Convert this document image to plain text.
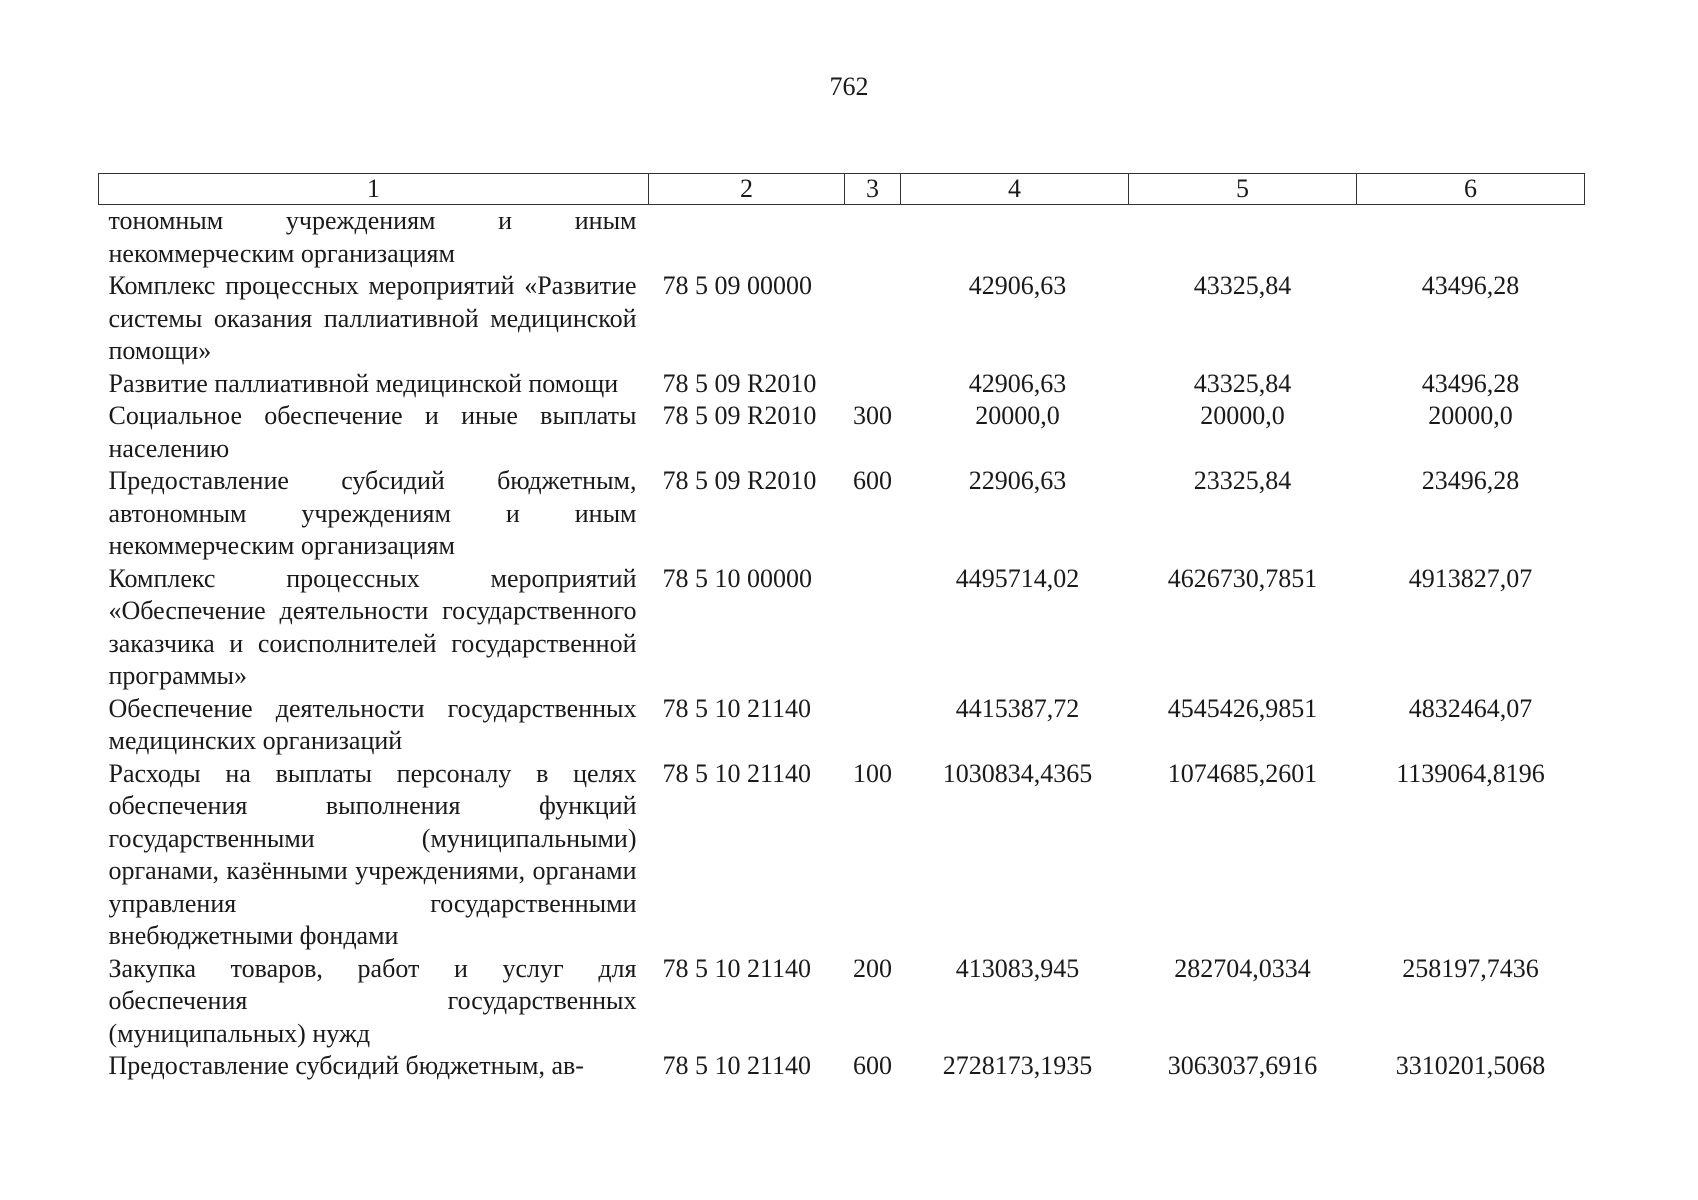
762
1	2	3	4	5	6
тономным учреждениям и иным некоммерческим организациям					
Комплекс процессных мероприятий «Развитие системы оказания паллиативной медицинской помощи»	78 5 09 00000		42906,63	43325,84	43496,28
Развитие паллиативной медицинской помощи	78 5 09 R2010		42906,63	43325,84	43496,28
Социальное обеспечение и иные выплаты населению	78 5 09 R2010	300	20000,0	20000,0	20000,0
Предоставление субсидий бюджетным, автономным учреждениям и иным некоммерческим организациям	78 5 09 R2010	600	22906,63	23325,84	23496,28
Комплекс процессных мероприятий «Обеспечение деятельности государственного заказчика и соисполнителей государственной программы»	78 5 10 00000		4495714,02	4626730,7851	4913827,07
Обеспечение деятельности государственных медицинских организаций	78 5 10 21140		4415387,72	4545426,9851	4832464,07
Расходы на выплаты персоналу в целях обеспечения выполнения функций государственными (муниципальными) органами, казёнными учреждениями, органами управления государственными внебюджетными фондами	78 5 10 21140	100	1030834,4365	1074685,2601	1139064,8196
Закупка товаров, работ и услуг для обеспечения государственных (муниципальных) нужд	78 5 10 21140	200	413083,945	282704,0334	258197,7436
Предоставление субсидий бюджетным, ав-	78 5 10 21140	600	2728173,1935	3063037,6916	3310201,5068
